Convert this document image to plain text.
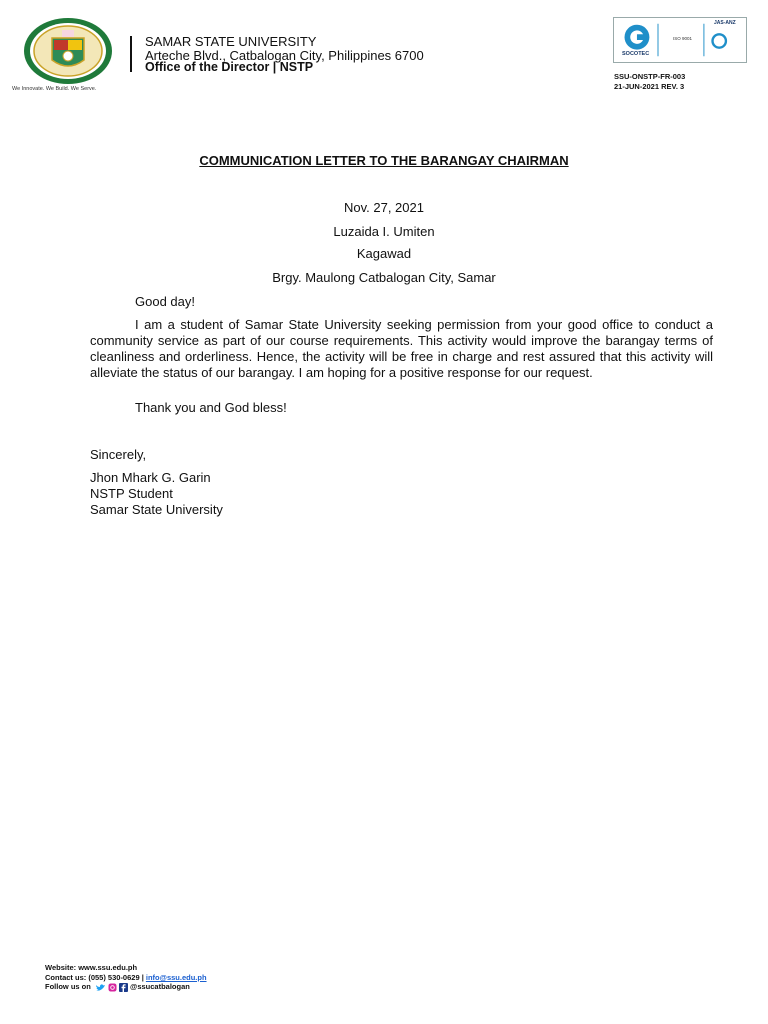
We Innovate. We Build. We Serve.
SAMAR STATE UNIVERSITY
Arteche Blvd., Catbalogan City, Philippines 6700
Office of the Director | NSTP
SOCOTEC
ISO 9001
JAS-ANZ
SSU-ONSTP-FR-003
21-JUN-2021 REV. 3
COMMUNICATION LETTER TO THE BARANGAY CHAIRMAN
Nov. 27, 2021
Luzaida I. Umiten
Kagawad
Brgy. Maulong Catbalogan City, Samar
Good day!
I am a student of Samar State University seeking permission from your good office to conduct a community service as part of our course requirements. This activity would improve the barangay terms of cleanliness and orderliness. Hence, the activity will be free in charge and rest assured that this activity will alleviate the status of our barangay. I am hoping for a positive response for our request.
Thank you and God bless!
Sincerely,
Jhon Mhark G. Garin
NSTP Student
Samar State University
Website: www.ssu.edu.ph
Contact us: (055) 530-0629 | info@ssu.edu.ph
Follow us on	@ssucatbalogan
